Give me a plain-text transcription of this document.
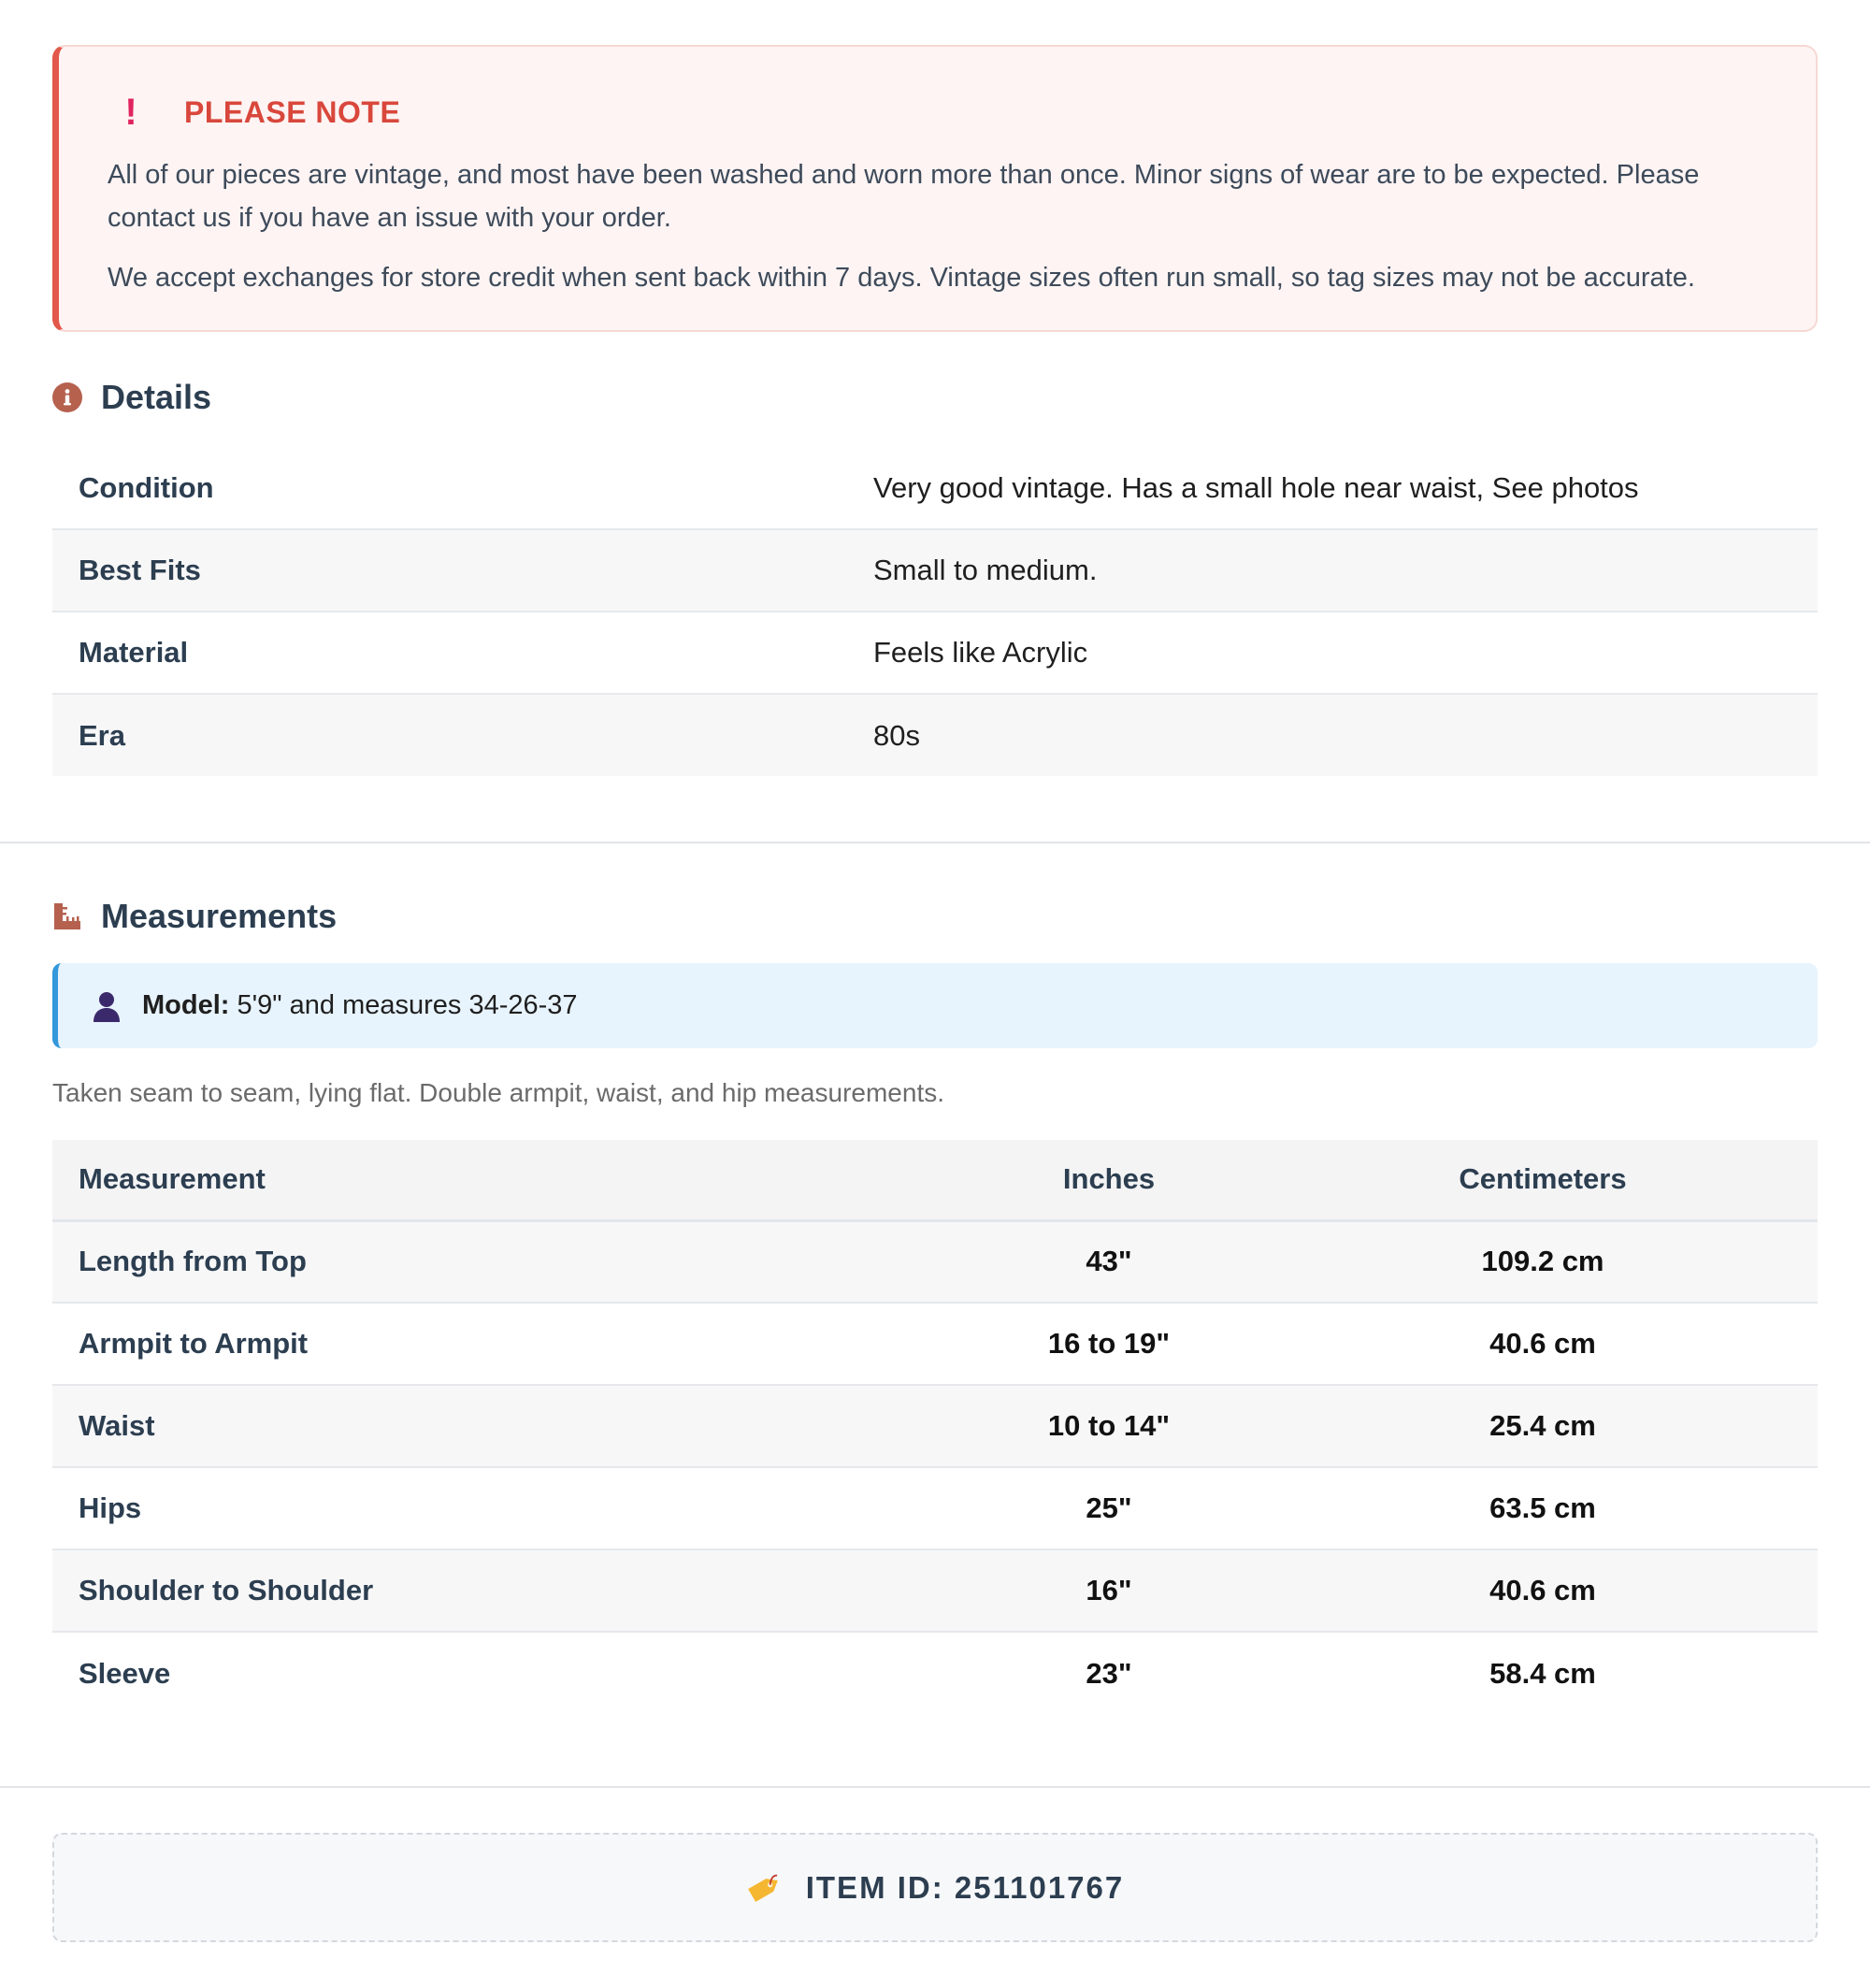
! PLEASE NOTE

All of our pieces are vintage, and most have been washed and worn more than once. Minor signs of wear are to be expected. Please contact us if you have an issue with your order.

We accept exchanges for store credit when sent back within 7 days. Vintage sizes often run small, so tag sizes may not be accurate.

Details
Condition	Very good vintage. Has a small hole near waist, See photos
Best Fits	Small to medium.
Material	Feels like Acrylic
Era	80s
Measurements
Model: 5'9" and measures 34-26-37
Taken seam to seam, lying flat. Double armpit, waist, and hip measurements.
Measurement	Inches	Centimeters
Length from Top	43"	109.2 cm
Armpit to Armpit	16 to 19"	40.6 cm
Waist	10 to 14"	25.4 cm
Hips	25"	63.5 cm
Shoulder to Shoulder	16"	40.6 cm
Sleeve	23"	58.4 cm
ITEM ID: 251101767
